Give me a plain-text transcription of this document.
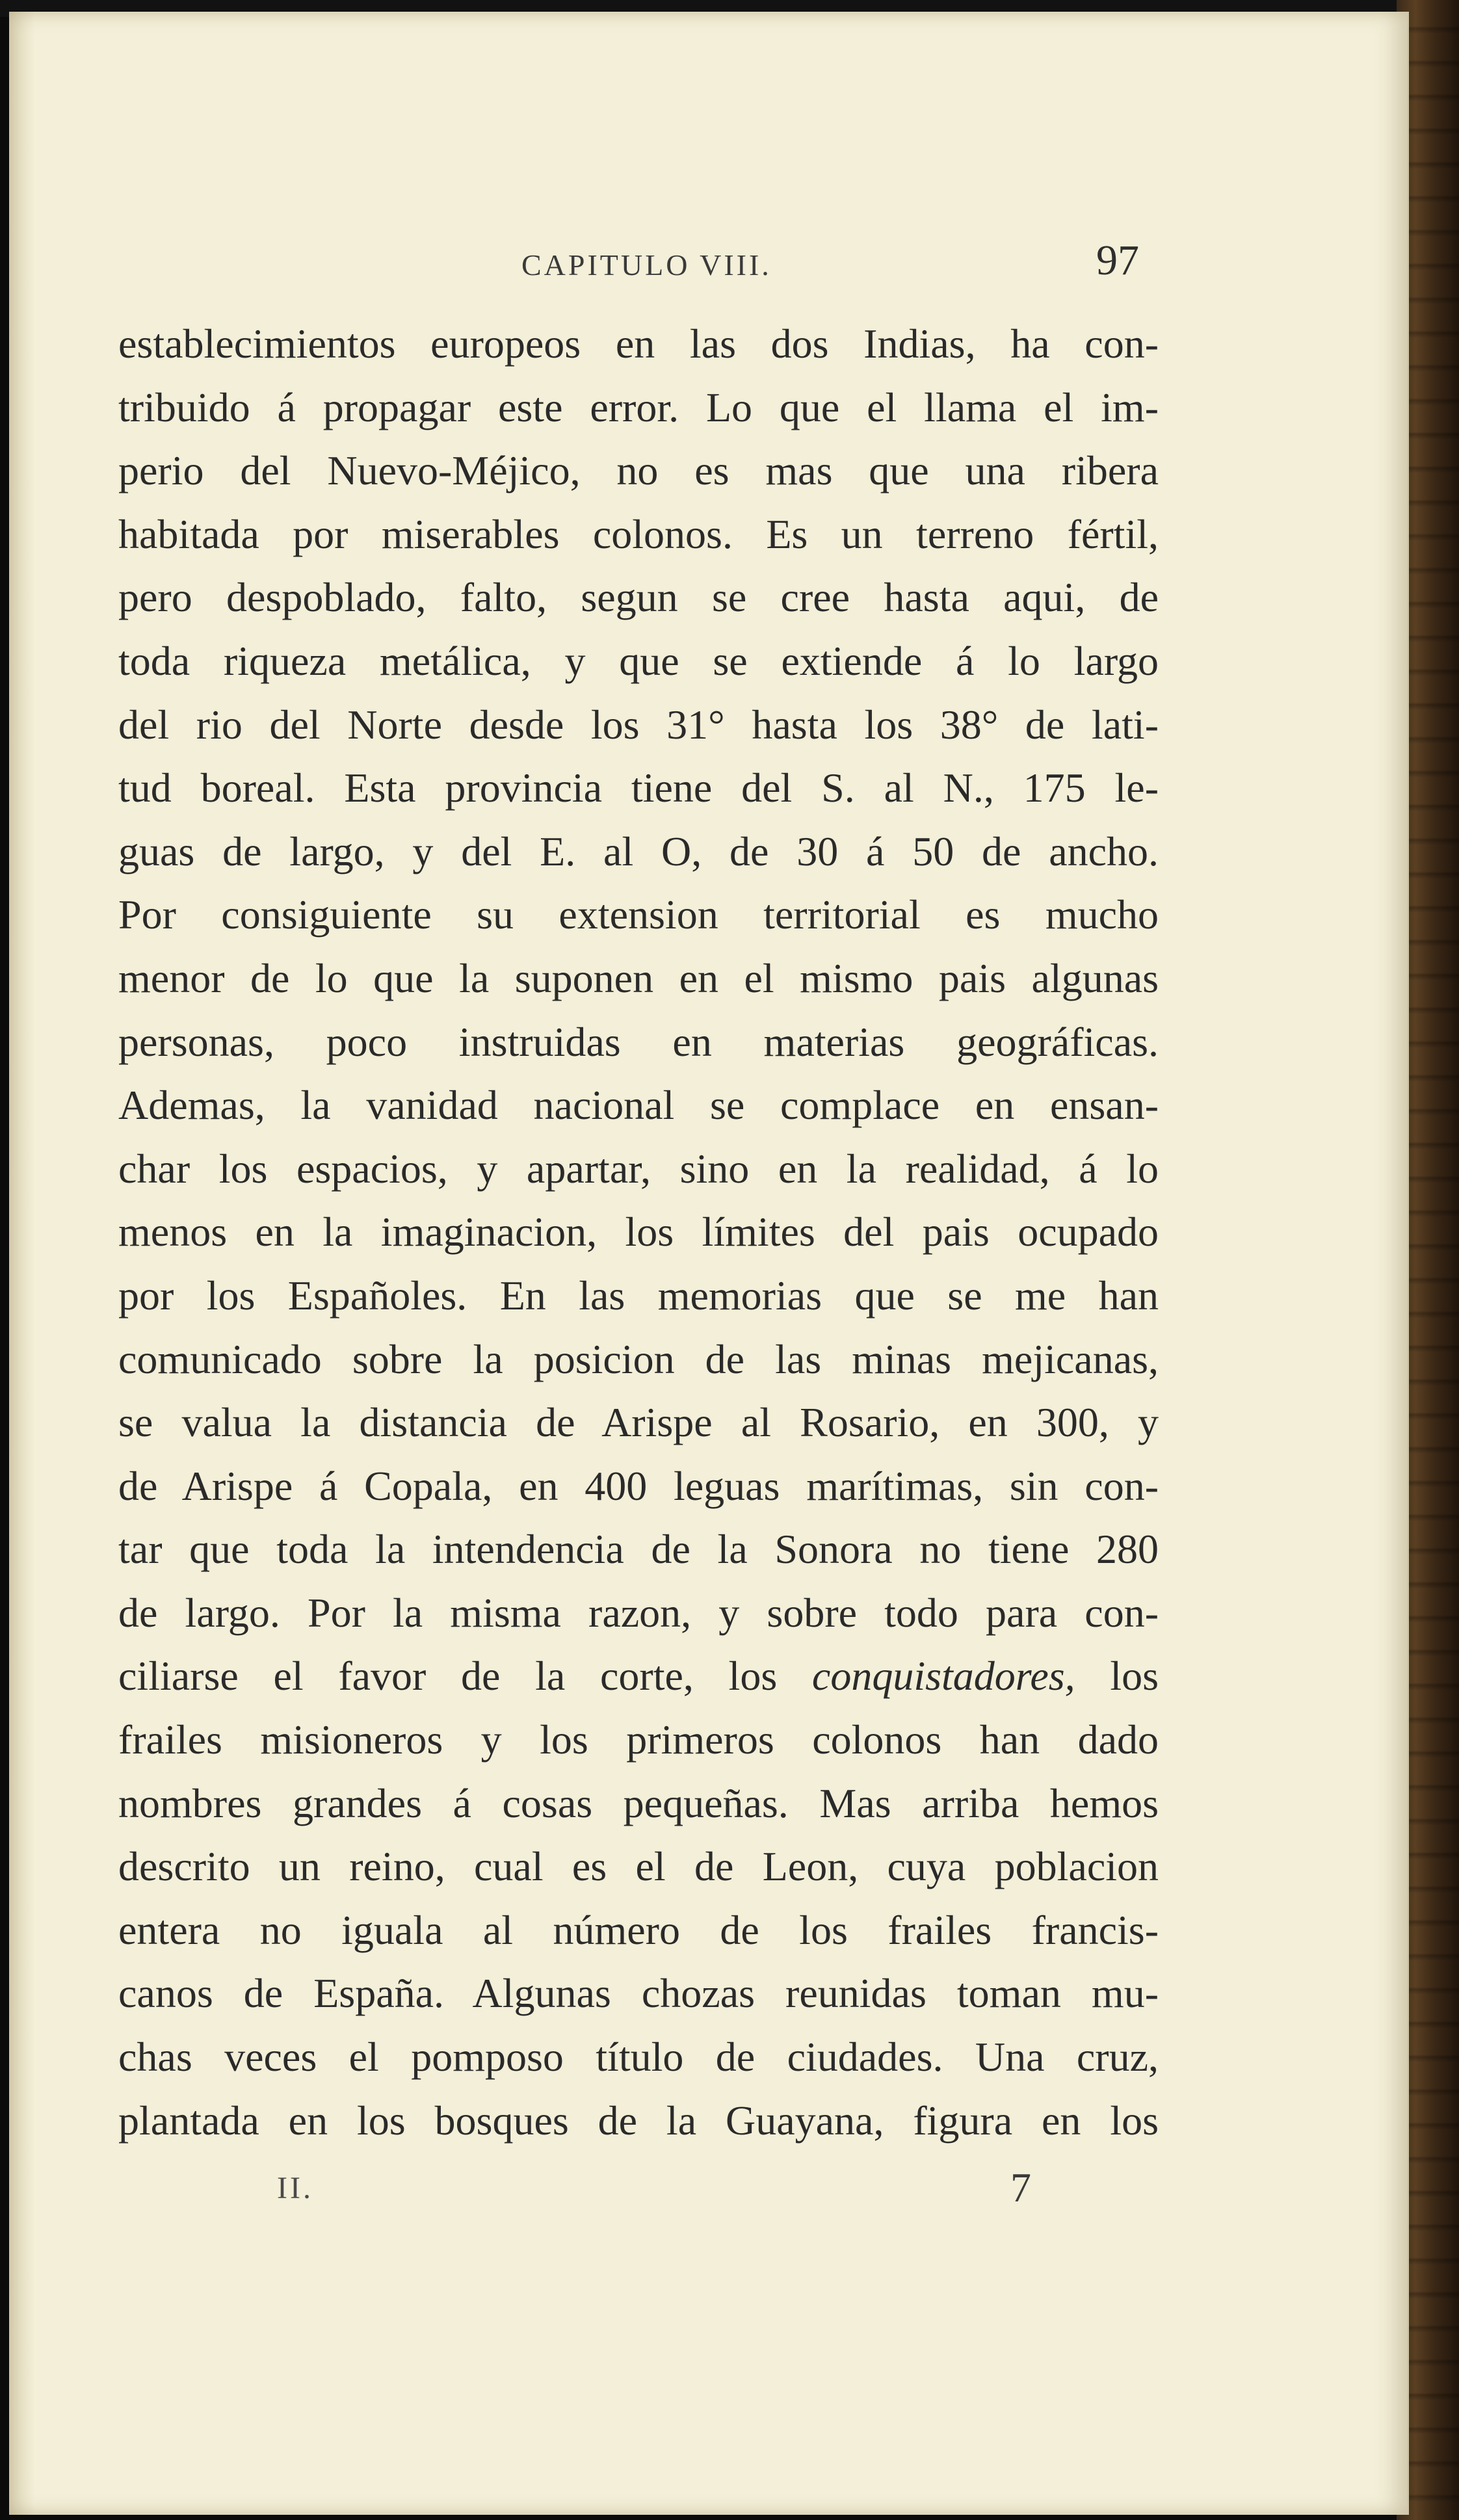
CAPITULO VIII.	97
establecimientos europeos en las dos Indias, ha con-
tribuido á propagar este error. Lo que el llama el im-
perio del Nuevo-Méjico, no es mas que una ribera
habitada por miserables colonos. Es un terreno fértil,
pero despoblado, falto, segun se cree hasta aqui, de
toda riqueza metálica, y que se extiende á lo largo
del rio del Norte desde los 31° hasta los 38° de lati-
tud boreal. Esta provincia tiene del S. al N., 175 le-
guas de largo, y del E. al O, de 30 á 50 de ancho.
Por consiguiente su extension territorial es mucho
menor de lo que la suponen en el mismo pais algunas
personas, poco instruidas en materias geográficas.
Ademas, la vanidad nacional se complace en ensan-
char los espacios, y apartar, sino en la realidad, á lo
menos en la imaginacion, los límites del pais ocupado
por los Españoles. En las memorias que se me han
comunicado sobre la posicion de las minas mejicanas,
se valua la distancia de Arispe al Rosario, en 300, y
de Arispe á Copala, en 400 leguas marítimas, sin con-
tar que toda la intendencia de la Sonora no tiene 280
de largo. Por la misma razon, y sobre todo para con-
ciliarse el favor de la corte, los conquistadores, los
frailes misioneros y los primeros colonos han dado
nombres grandes á cosas pequeñas. Mas arriba hemos
descrito un reino, cual es el de Leon, cuya poblacion
entera no iguala al número de los frailes francis-
canos de España. Algunas chozas reunidas toman mu-
chas veces el pomposo título de ciudades. Una cruz,
plantada en los bosques de la Guayana, figura en los
II.	7
